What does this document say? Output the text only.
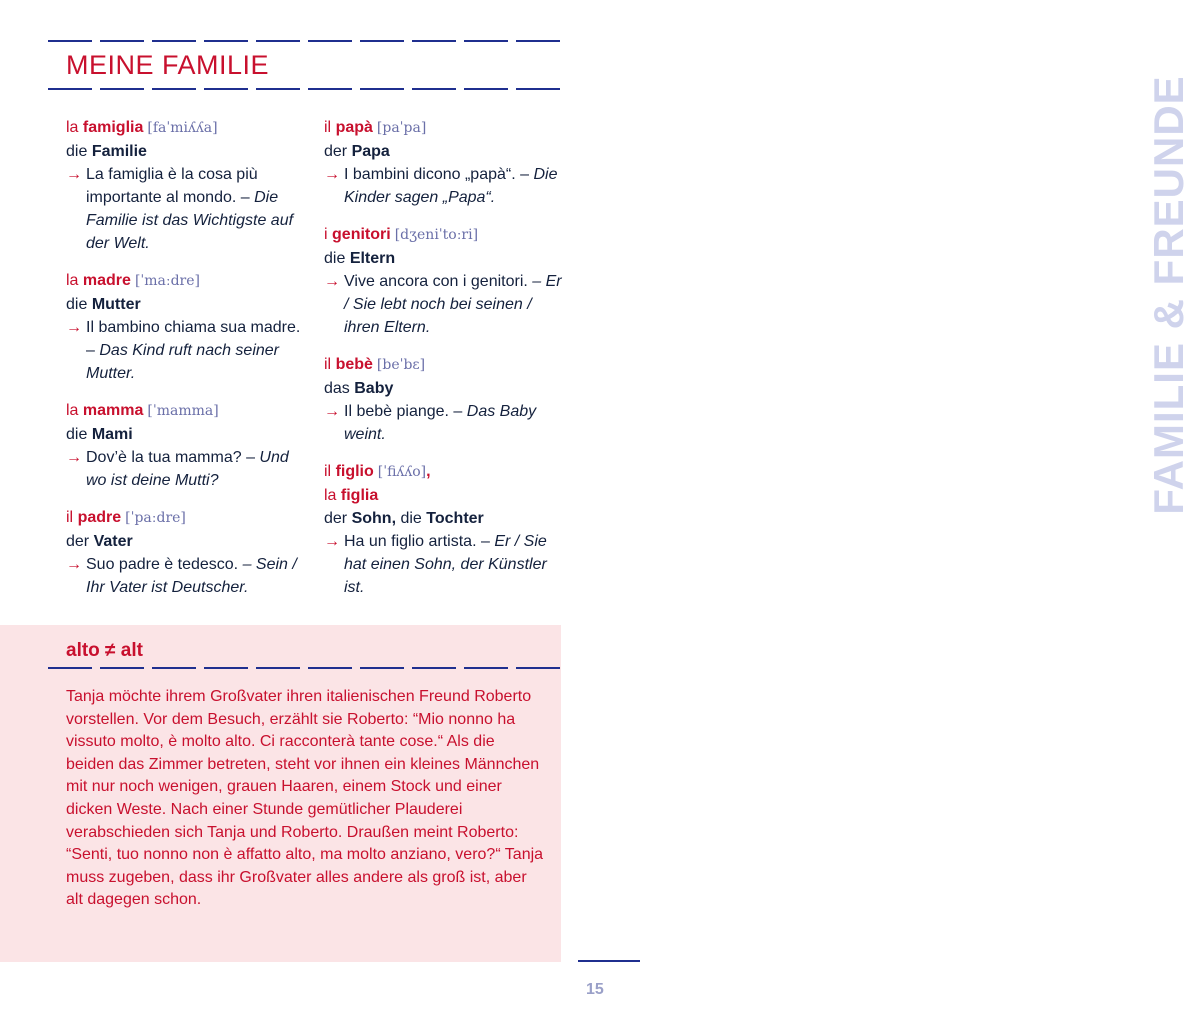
MEINE FAMILIE
FAMILIE & FREUNDE
la famiglia [faˈmiʎʎa]
die Familie
→ La famiglia è la cosa più importante al mondo. – Die Familie ist das Wichtigste auf der Welt.
la madre [ˈmaːdre]
die Mutter
→ Il bambino chiama sua madre. – Das Kind ruft nach seiner Mutter.
la mamma [ˈmamma]
die Mami
→ Dov’è la tua mamma? – Und wo ist deine Mutti?
il padre [ˈpaːdre]
der Vater
→ Suo padre è tedesco. – Sein / Ihr Vater ist Deutscher.
il papà [paˈpa]
der Papa
→ I bambini dicono „papà“. – Die Kinder sagen „Papa“.
i genitori [dʒeniˈtoːri]
die Eltern
→ Vive ancora con i genitori. – Er / Sie lebt noch bei seinen / ihren Eltern.
il bebè [beˈbɛ]
das Baby
→ Il bebè piange. – Das Baby weint.
il figlio [ˈfiʎʎo],
la figlia
der Sohn, die Tochter
→ Ha un figlio artista. – Er / Sie hat einen Sohn, der Künstler ist.
alto ≠ alt

Tanja möchte ihrem Großvater ihren italienischen Freund Roberto vorstellen. Vor dem Besuch, erzählt sie Roberto: “Mio nonno ha vissuto molto, è molto alto. Ci racconterà tante cose.“ Als die beiden das Zimmer betreten, steht vor ihnen ein kleines Männchen mit nur noch wenigen, grauen Haaren, einem Stock und einer dicken Weste. Nach einer Stunde gemütlicher Plauderei verabschieden sich Tanja und Roberto. Draußen meint Roberto: “Senti, tuo nonno non è affatto alto, ma molto anziano, vero?“ Tanja muss zugeben, dass ihr Großvater alles andere als groß ist, aber alt dagegen schon.

15
